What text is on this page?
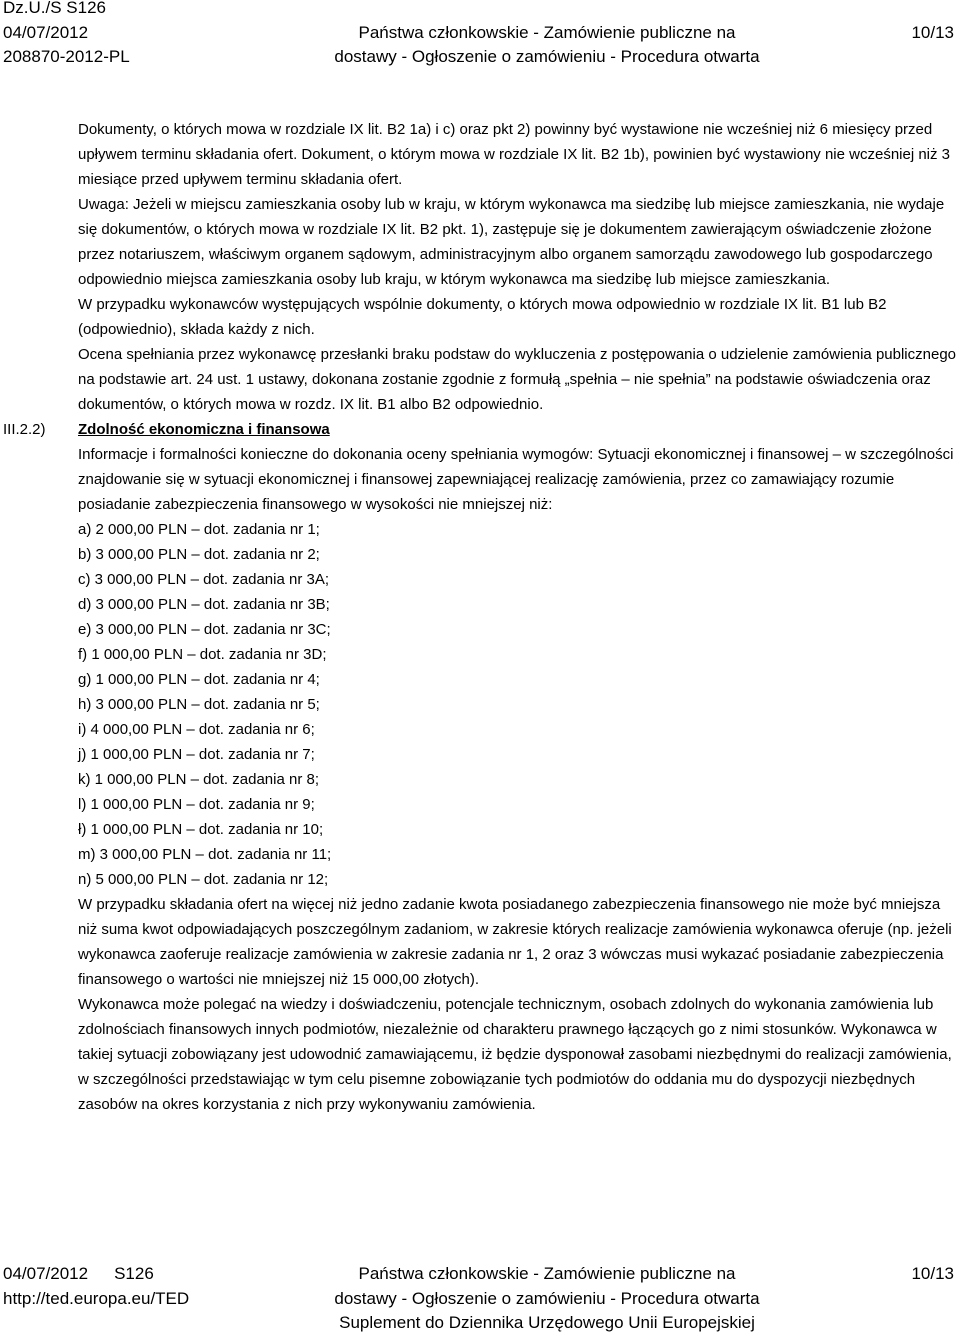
Dz.U./S S126
04/07/2012
208870-2012-PL
Państwa członkowskie - Zamówienie publiczne na
dostawy - Ogłoszenie o zamówieniu - Procedura otwarta
10/13

Dokumenty, o których mowa w rozdziale IX lit. B2 1a) i c) oraz pkt 2) powinny być wystawione nie wcześniej niż 6 miesięcy przed upływem terminu składania ofert. Dokument, o którym mowa w rozdziale IX lit. B2 1b), powinien być wystawiony nie wcześniej niż 3 miesiące przed upływem terminu składania ofert.

Uwaga: Jeżeli w miejscu zamieszkania osoby lub w kraju, w którym wykonawca ma siedzibę lub miejsce zamieszkania, nie wydaje się dokumentów, o których mowa w rozdziale IX lit. B2 pkt. 1), zastępuje się je dokumentem zawierającym oświadczenie złożone przez notariuszem, właściwym organem sądowym, administracyjnym albo organem samorządu zawodowego lub gospodarczego odpowiednio miejsca zamieszkania osoby lub kraju, w którym wykonawca ma siedzibę lub miejsce zamieszkania.

W przypadku wykonawców występujących wspólnie dokumenty, o których mowa odpowiednio w rozdziale IX lit. B1 lub B2 (odpowiednio), składa każdy z nich.

Ocena spełniania przez wykonawcę przesłanki braku podstaw do wykluczenia z postępowania o udzielenie zamówienia publicznego na podstawie art. 24 ust. 1 ustawy, dokonana zostanie zgodnie z formułą „spełnia – nie spełnia” na podstawie oświadczenia oraz dokumentów, o których mowa w rozdz. IX lit. B1 albo B2 odpowiednio.

III.2.2)	Zdolność ekonomiczna i finansowa

Informacje i formalności konieczne do dokonania oceny spełniania wymogów: Sytuacji ekonomicznej i finansowej – w szczególności znajdowanie się w sytuacji ekonomicznej i finansowej zapewniającej realizację zamówienia, przez co zamawiający rozumie posiadanie zabezpieczenia finansowego w wysokości nie mniejszej niż:

a) 2 000,00 PLN – dot. zadania nr 1;

b) 3 000,00 PLN – dot. zadania nr 2;

c) 3 000,00 PLN – dot. zadania nr 3A;

d) 3 000,00 PLN – dot. zadania nr 3B;

e) 3 000,00 PLN – dot. zadania nr 3C;

f) 1 000,00 PLN – dot. zadania nr 3D;

g) 1 000,00 PLN – dot. zadania nr 4;

h) 3 000,00 PLN – dot. zadania nr 5;

i) 4 000,00 PLN – dot. zadania nr 6;

j) 1 000,00 PLN – dot. zadania nr 7;

k) 1 000,00 PLN – dot. zadania nr 8;

l) 1 000,00 PLN – dot. zadania nr 9;

ł) 1 000,00 PLN – dot. zadania nr 10;

m) 3 000,00 PLN – dot. zadania nr 11;

n) 5 000,00 PLN – dot. zadania nr 12;

W przypadku składania ofert na więcej niż jedno zadanie kwota posiadanego zabezpieczenia finansowego nie może być mniejsza niż suma kwot odpowiadających poszczególnym zadaniom, w zakresie których realizacje zamówienia wykonawca oferuje (np. jeżeli wykonawca zaoferuje realizacje zamówienia w zakresie zadania nr 1, 2 oraz 3 wówczas musi wykazać posiadanie zabezpieczenia finansowego o wartości nie mniejszej niż 15 000,00 złotych).

Wykonawca może polegać na wiedzy i doświadczeniu, potencjale technicznym, osobach zdolnych do wykonania zamówienia lub zdolnościach finansowych innych podmiotów, niezależnie od charakteru prawnego łączących go z nimi stosunków. Wykonawca w takiej sytuacji zobowiązany jest udowodnić zamawiającemu, iż będzie dysponował zasobami niezbędnymi do realizacji zamówienia, w szczególności przedstawiając w tym celu pisemne zobowiązanie tych podmiotów do oddania mu do dyspozycji niezbędnych zasobów na okres korzystania z nich przy wykonywaniu zamówienia.

04/07/2012 S126
http://ted.europa.eu/TED
Państwa członkowskie - Zamówienie publiczne na
dostawy - Ogłoszenie o zamówieniu - Procedura otwarta
Suplement do Dziennika Urzędowego Unii Europejskiej
10/13
